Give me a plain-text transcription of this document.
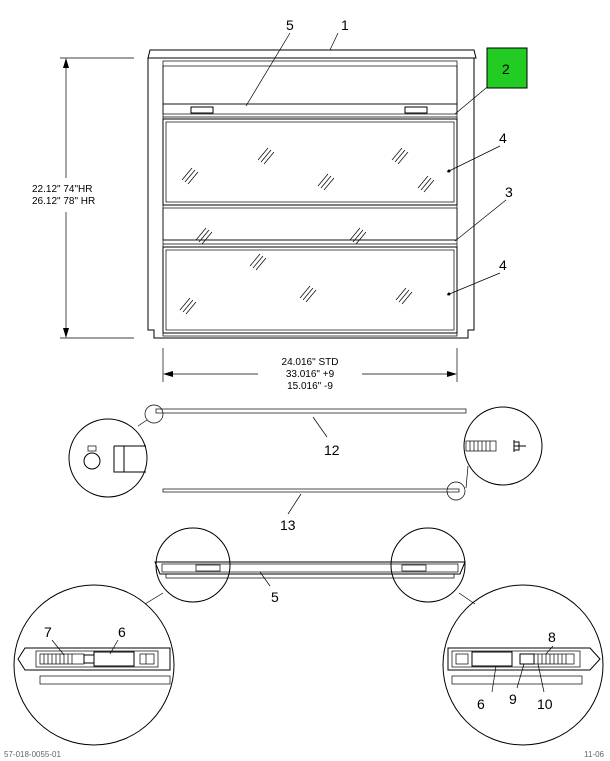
1
5
2
4
3
4
22.12" 74"HR
26.12" 78" HR
24.016" STD
33.016" +9
15.016" -9
12
13
5
7	6	8
6 9 10
57-018-0055-01	11-06
